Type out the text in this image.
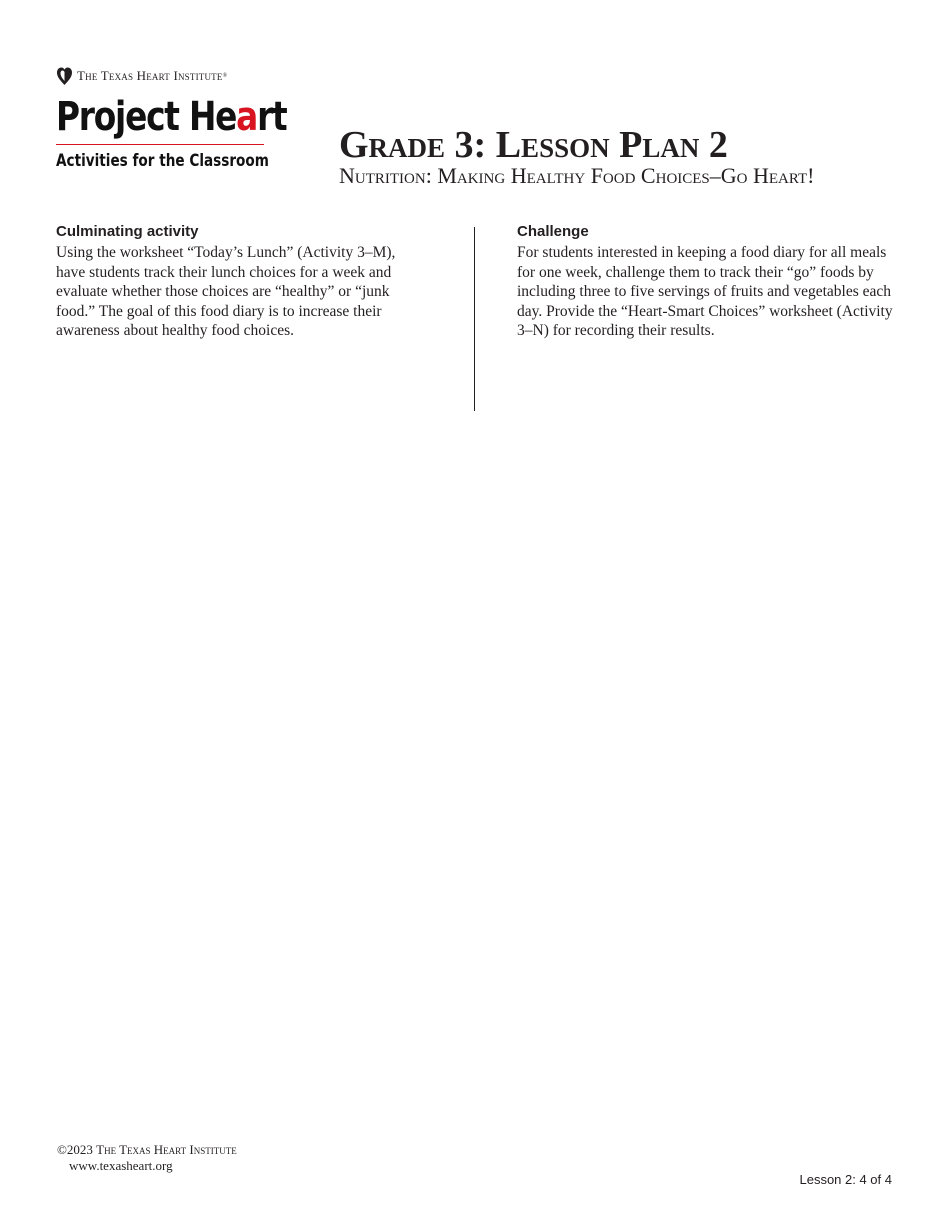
The Texas Heart Institute ®
Project Heart
Activities for the Classroom Grade 3: Lesson Plan 2
Nutrition: Making Healthy Food Choices–Go Heart!
Culminating activity

Using the worksheet “Today’s Lunch” (Activity 3–M), have students track their lunch choices for a week and evaluate whether those choices are “healthy” or “junk food.” The goal of this food diary is to increase their awareness about healthy food choices.

Challenge

For students interested in keeping a food diary for all meals for one week, challenge them to track their “go” foods by including three to five servings of fruits and vegetables each day. Provide the “Heart-Smart Choices” worksheet (Activity 3–N) for recording their results.

©2023 The Texas Heart Institute
www.texasheart.org
Lesson 2: 4 of 4
